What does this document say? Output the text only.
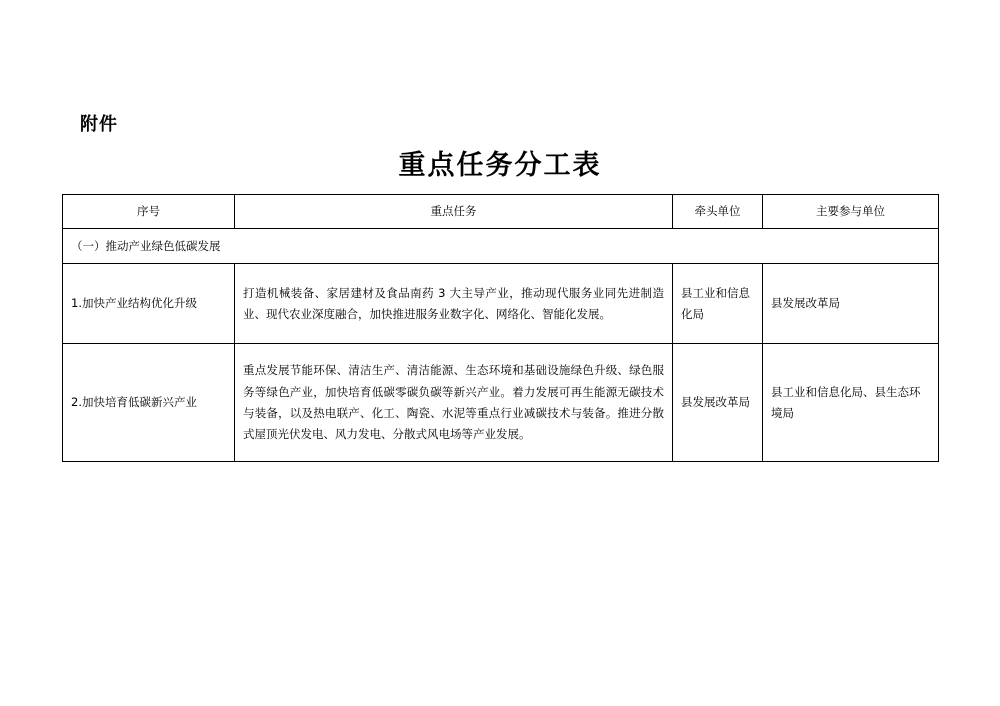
附件
重点任务分工表
序号	重点任务	牵头单位	主要参与单位
（一）推动产业绿色低碳发展			
1.加快产业结构优化升级	打造机械装备、家居建材及食品南药 3 大主导产业，推动现代服务业同先进制造业、现代农业深度融合，加快推进服务业数字化、网络化、智能化发展。	县工业和信息化局	县发展改革局
2.加快培育低碳新兴产业	重点发展节能环保、清洁生产、清洁能源、生态环境和基础设施绿色升级、绿色服务等绿色产业，加快培育低碳零碳负碳等新兴产业。着力发展可再生能源无碳技术与装备，以及热电联产、化工、陶瓷、水泥等重点行业减碳技术与装备。推进分散式屋顶光伏发电、风力发电、分散式风电场等产业发展。	县发展改革局	县工业和信息化局、县生态环境局
